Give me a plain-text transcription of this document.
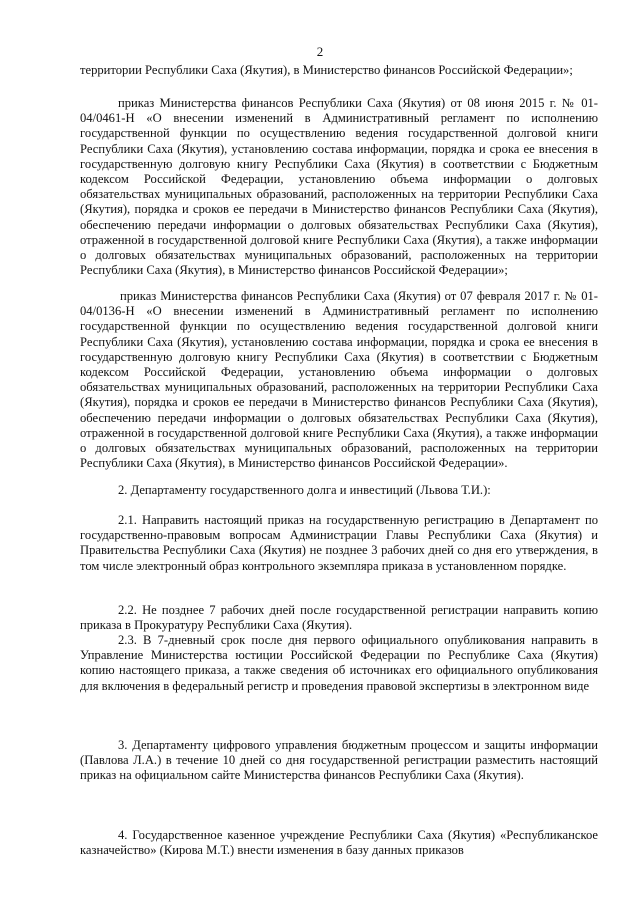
2

территории Республики Саха (Якутия), в Министерство финансов Российской Федерации»;

приказ Министерства финансов Республики Саха (Якутия) от 08 июня 2015 г. № 01-04/0461-Н «О внесении изменений в Административный регламент по исполнению государственной функции по осуществлению ведения государственной долговой книги Республики Саха (Якутия), установлению состава информации, порядка и срока ее внесения в государственную долговую книгу Республики Саха (Якутия) в соответствии с Бюджетным кодексом Российской Федерации, установлению объема информации о долговых обязательствах муниципальных образований, расположенных на территории Республики Саха (Якутия), порядка и сроков ее передачи в Министерство финансов Республики Саха (Якутия), обеспечению передачи информации о долговых обязательствах Республики Саха (Якутия), отраженной в государственной долговой книге Республики Саха (Якутия), а также информации о долговых обязательствах муниципальных образований, расположенных на территории Республики Саха (Якутия), в Министерство финансов Российской Федерации»;

приказ Министерства финансов Республики Саха (Якутия) от 07 февраля 2017 г. № 01-04/0136-Н «О внесении изменений в Административный регламент по исполнению государственной функции по осуществлению ведения государственной долговой книги Республики Саха (Якутия), установлению состава информации, порядка и срока ее внесения в государственную долговую книгу Республики Саха (Якутия) в соответствии с Бюджетным кодексом Российской Федерации, установлению объема информации о долговых обязательствах муниципальных образований, расположенных на территории Республики Саха (Якутия), порядка и сроков ее передачи в Министерство финансов Республики Саха (Якутия), обеспечению передачи информации о долговых обязательствах Республики Саха (Якутия), отраженной в государственной долговой книге Республики Саха (Якутия), а также информации о долговых обязательствах муниципальных образований, расположенных на территории Республики Саха (Якутия), в Министерство финансов Российской Федерации».

2. Департаменту государственного долга и инвестиций (Львова Т.И.):

2.1. Направить настоящий приказ на государственную регистрацию в Департамент по государственно-правовым вопросам Администрации Главы Республики Саха (Якутия) и Правительства Республики Саха (Якутия) не позднее 3 рабочих дней со дня его утверждения, в том числе электронный образ контрольного экземпляра приказа в установленном порядке.

2.2. Не позднее 7 рабочих дней после государственной регистрации направить копию приказа в Прокуратуру Республики Саха (Якутия).

2.3. В 7-дневный срок после дня первого официального опубликования направить в Управление Министерства юстиции Российской Федерации по Республике Саха (Якутия) копию настоящего приказа, а также сведения об источниках его официального опубликования для включения в федеральный регистр и проведения правовой экспертизы в электронном виде

3. Департаменту цифрового управления бюджетным процессом и защиты информации (Павлова Л.А.) в течение 10 дней со дня государственной регистрации разместить настоящий приказ на официальном сайте Министерства финансов Республики Саха (Якутия).

4. Государственное казенное учреждение Республики Саха (Якутия) «Республиканское казначейство» (Кирова М.Т.) внести изменения в базу данных приказов
